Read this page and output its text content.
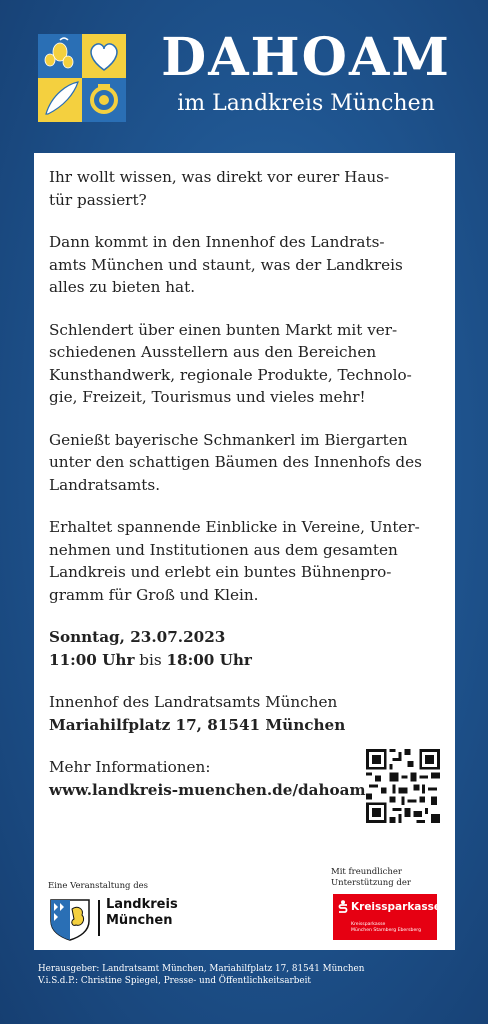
DAHOAM
im Landkreis München

Ihr wollt wissen, was direkt vor eurer Haus-
tür passiert?

Dann kommt in den Innenhof des Landrats-
amts München und staunt, was der Landkreis
alles zu bieten hat.

Schlendert über einen bunten Markt mit ver-
schiedenen Ausstellern aus den Bereichen
Kunsthandwerk, regionale Produkte, Technolo-
gie, Freizeit, Tourismus und vieles mehr!

Genießt bayerische Schmankerl im Biergarten
unter den schattigen Bäumen des Innenhofs des
Landratsamts.

Erhaltet spannende Einblicke in Vereine, Unter-
nehmen und Institutionen aus dem gesamten
Landkreis und erlebt ein buntes Bühnenpro-
gramm für Groß und Klein.

Sonntag, 23.07.2023
11:00 Uhr bis 18:00 Uhr

Innenhof des Landratsamts München
Mariahilfplatz 17, 81541 München

Mehr Informationen:
www.landkreis-muenchen.de/dahoam

Eine Veranstaltung des
Landkreis
München
Mit freundlicher
Unterstützung der
Kreissparkasse
Kreissparkasse
München Starnberg Ebersberg
Herausgeber: Landratsamt München, Mariahilfplatz 17, 81541 München
V.i.S.d.P.: Christine Spiegel, Presse- und Öffentlichkeitsarbeit
